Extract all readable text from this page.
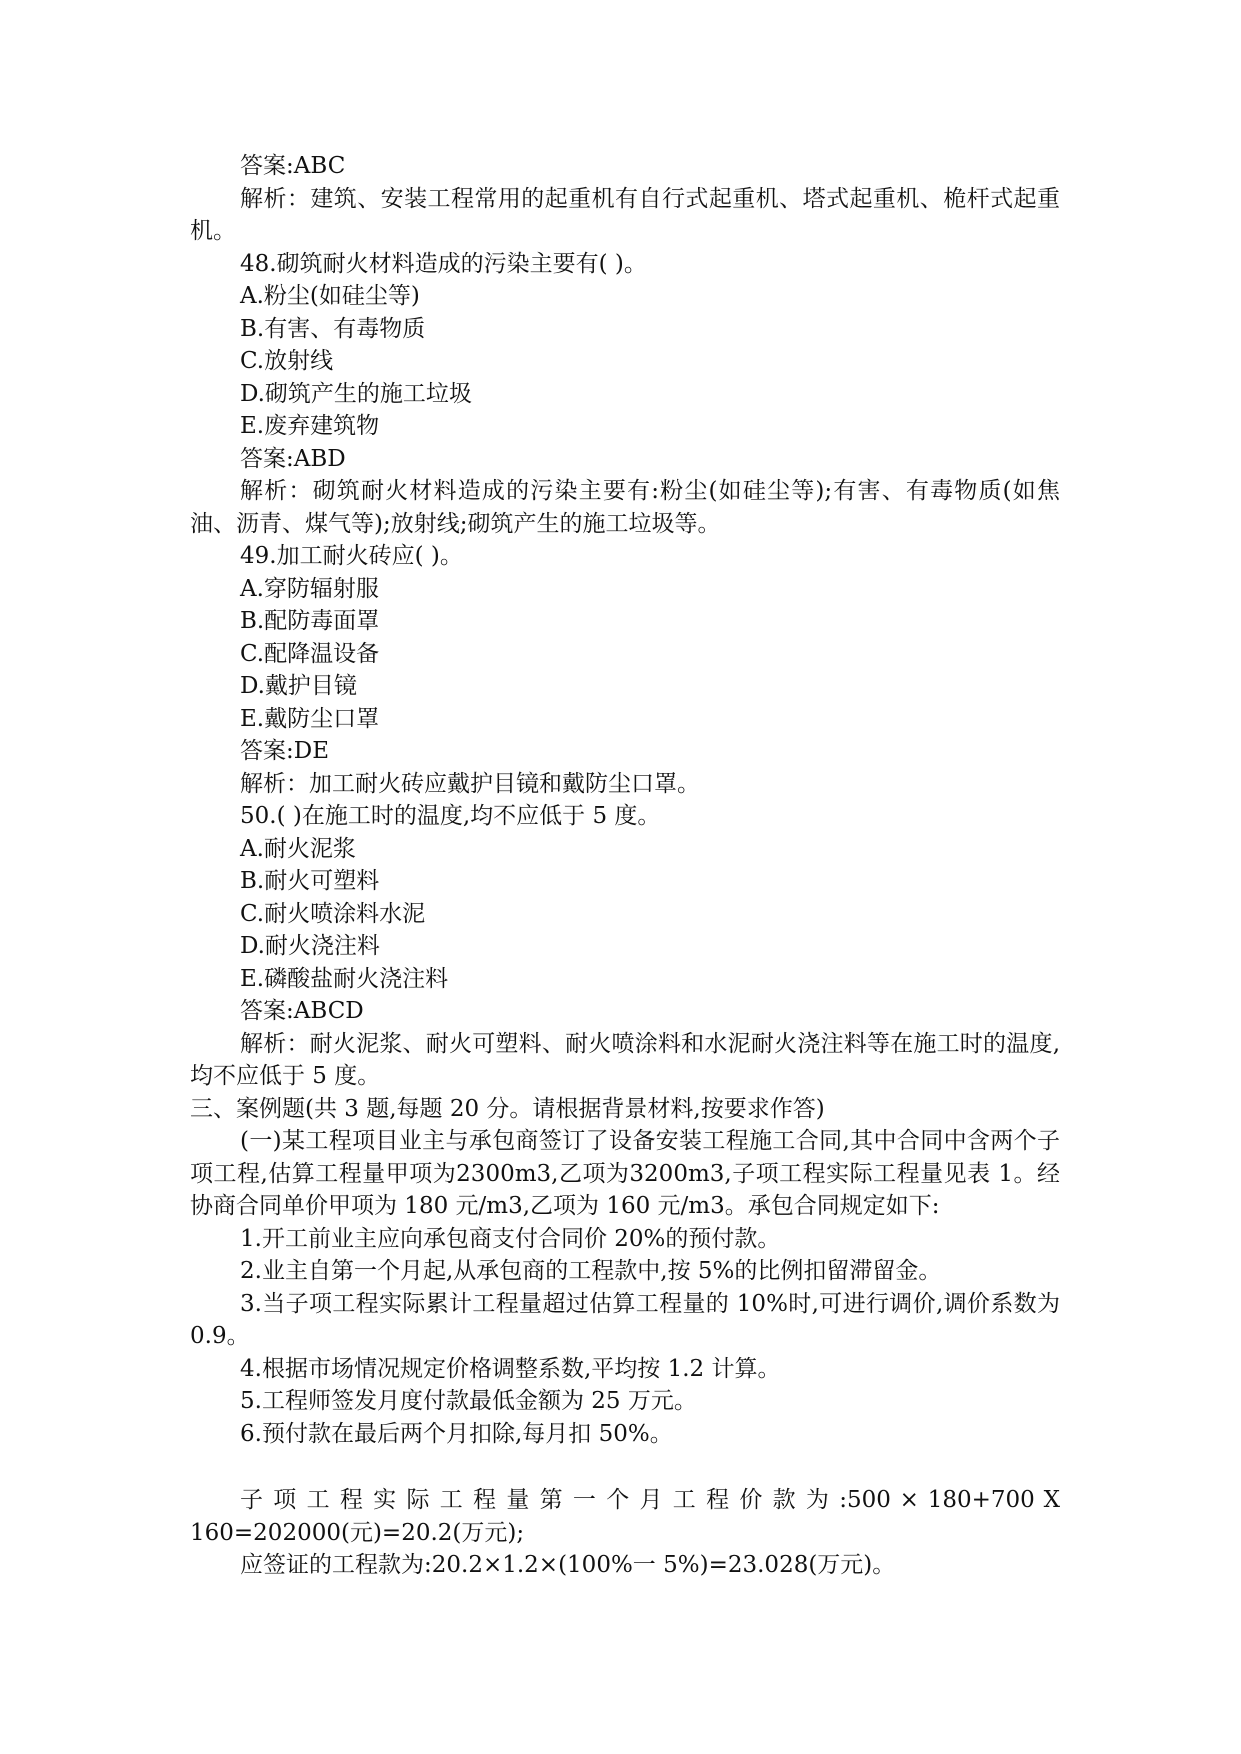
答案:ABC

解析：建筑、安装工程常用的起重机有自行式起重机、塔式起重机、桅杆式起重机。

48.砌筑耐火材料造成的污染主要有( )。

A.粉尘(如硅尘等)

B.有害、有毒物质

C.放射线

D.砌筑产生的施工垃圾

E.废弃建筑物

答案:ABD

解析：砌筑耐火材料造成的污染主要有:粉尘(如硅尘等);有害、有毒物质(如焦油、沥青、煤气等);放射线;砌筑产生的施工垃圾等。

49.加工耐火砖应( )。

A.穿防辐射服

B.配防毒面罩

C.配降温设备

D.戴护目镜

E.戴防尘口罩

答案:DE

解析：加工耐火砖应戴护目镜和戴防尘口罩。

50.( )在施工时的温度,均不应低于 5 度。

A.耐火泥浆

B.耐火可塑料

C.耐火喷涂料水泥

D.耐火浇注料

E.磷酸盐耐火浇注料

答案:ABCD

解析：耐火泥浆、耐火可塑料、耐火喷涂料和水泥耐火浇注料等在施工时的温度,均不应低于 5 度。

三、案例题(共 3 题,每题 20 分。请根据背景材料,按要求作答)

(一)某工程项目业主与承包商签订了设备安装工程施工合同,其中合同中含两个子项工程,估算工程量甲项为2300m3,乙项为3200m3,子项工程实际工程量见表 1。经协商合同单价甲项为 180 元/m3,乙项为 160 元/m3。承包合同规定如下:

1.开工前业主应向承包商支付合同价 20%的预付款。

2.业主自第一个月起,从承包商的工程款中,按 5%的比例扣留滞留金。

3.当子项工程实际累计工程量超过估算工程量的 10%时,可进行调价,调价系数为 0.9。

4.根据市场情况规定价格调整系数,平均按 1.2 计算。

5.工程师签发月度付款最低金额为 25 万元。

6.预付款在最后两个月扣除,每月扣 50%。

子 项 工 程 实 际 工 程 量 第 一 个 月 工 程 价 款 为 :500 × 180+700 X

160=202000(元)=20.2(万元);

应签证的工程款为:20.2×1.2×(100%一 5%)=23.028(万元)。
